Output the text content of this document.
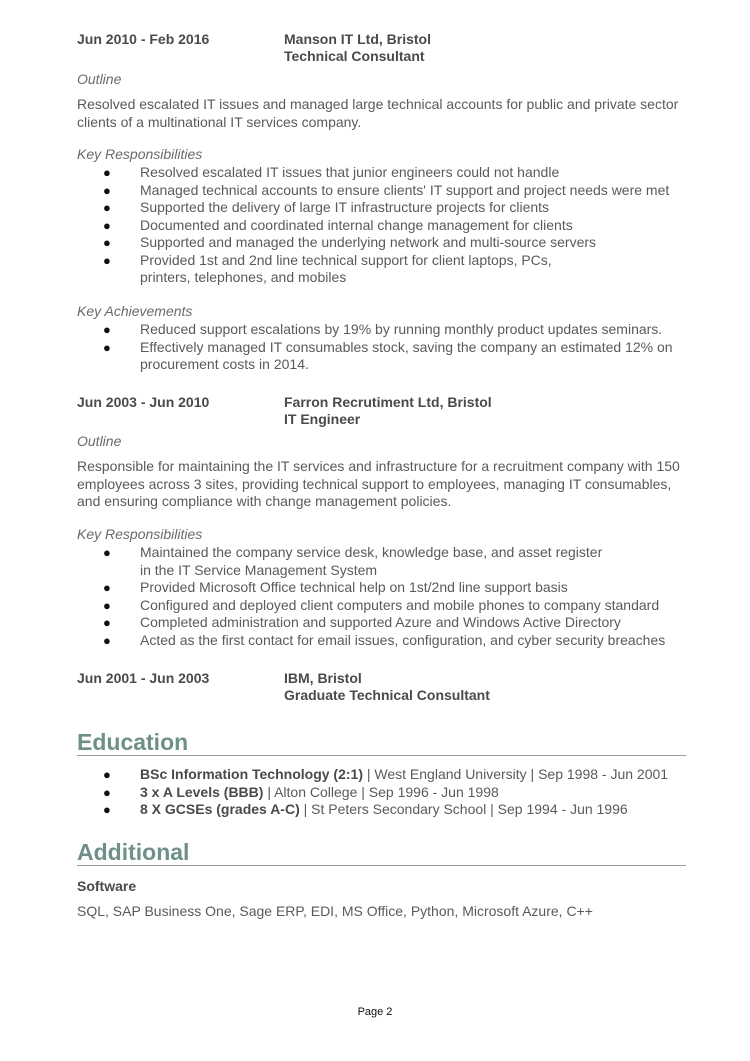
Jun 2010 - Feb 2016	Manson IT Ltd, Bristol
Technical Consultant
Outline
Resolved escalated IT issues and managed large technical accounts for public and private sector clients of a multinational IT services company.
Key Responsibilities
● Resolved escalated IT issues that junior engineers could not handle
● Managed technical accounts to ensure clients' IT support and project needs were met
● Supported the delivery of large IT infrastructure projects for clients
● Documented and coordinated internal change management for clients
● Supported and managed the underlying network and multi-source servers
● Provided 1st and 2nd line technical support for client laptops, PCs, printers, telephones, and mobiles
Key Achievements
● Reduced support escalations by 19% by running monthly product updates seminars.
● Effectively managed IT consumables stock, saving the company an estimated 12% on procurement costs in 2014.
Jun 2003 - Jun 2010	Farron Recrutiment Ltd, Bristol
IT Engineer
Outline
Responsible for maintaining the IT services and infrastructure for a recruitment company with 150 employees across 3 sites, providing technical support to employees, managing IT consumables, and ensuring compliance with change management policies.
Key Responsibilities
● Maintained the company service desk, knowledge base, and asset register in the IT Service Management System
● Provided Microsoft Office technical help on 1st/2nd line support basis
● Configured and deployed client computers and mobile phones to company standard
● Completed administration and supported Azure and Windows Active Directory
● Acted as the first contact for email issues, configuration, and cyber security breaches
Jun 2001 - Jun 2003	IBM, Bristol
Graduate Technical Consultant
Education
● BSc Information Technology (2:1) | West England University | Sep 1998 - Jun 2001
● 3 x A Levels (BBB) | Alton College | Sep 1996 - Jun 1998
● 8 X GCSEs (grades A-C) | St Peters Secondary School | Sep 1994 - Jun 1996
Additional
Software
SQL, SAP Business One, Sage ERP, EDI, MS Office, Python, Microsoft Azure, C++
Page 2
